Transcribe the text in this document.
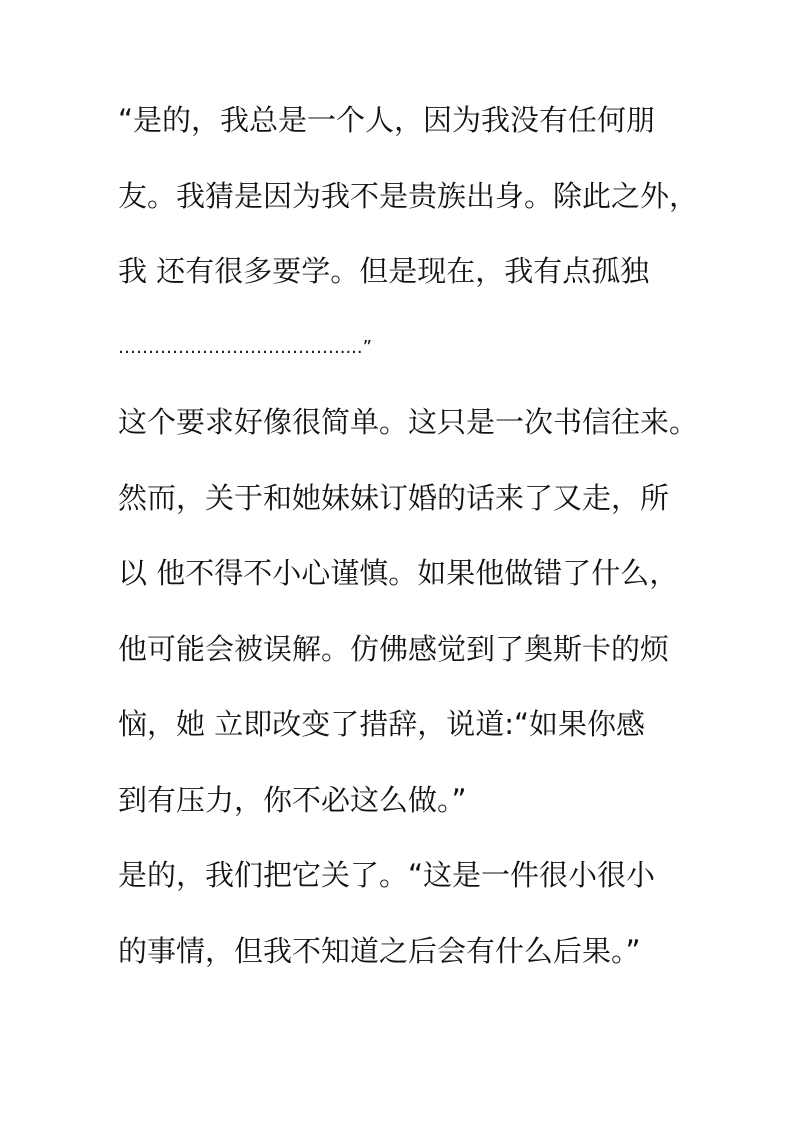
“是的，我总是一个人，因为我没有任何朋
友。我猜是因为我不是贵族出身。除此之外，
我 还有很多要学。但是现在，我有点孤独
……………………………….....”
这个要求好像很简单。这只是一次书信往来。
然而，关于和她妹妹订婚的话来了又走，所
以 他不得不小心谨慎。如果他做错了什么，
他可能会被误解。仿佛感觉到了奥斯卡的烦
恼，她 立即改变了措辞，说道:“如果你感
到有压力，你不必这么做。”
是的，我们把它关了。“这是一件很小很小
的事情，但我不知道之后会有什么后果。”
